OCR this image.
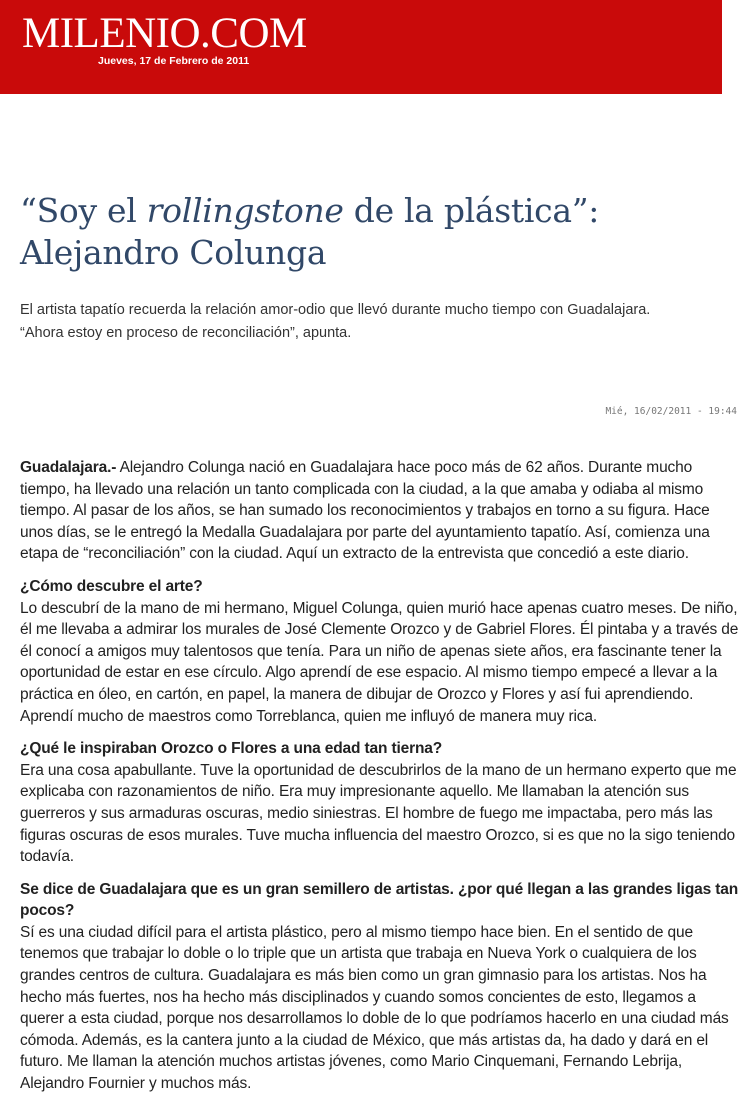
MILENIO.COM
Jueves, 17 de Febrero de 2011
“Soy el rollingstone de la plástica”: Alejandro Colunga

El artista tapatío recuerda la relación amor-odio que llevó durante mucho tiempo con Guadalajara.
“Ahora estoy en proceso de reconciliación”, apunta.

Mié, 16/02/2011 - 19:44

Guadalajara.- Alejandro Colunga nació en Guadalajara hace poco más de 62 años. Durante mucho tiempo, ha llevado una relación un tanto complicada con la ciudad, a la que amaba y odiaba al mismo tiempo. Al pasar de los años, se han sumado los reconocimientos y trabajos en torno a su figura. Hace unos días, se le entregó la Medalla Guadalajara por parte del ayuntamiento tapatío. Así, comienza una etapa de “reconciliación” con la ciudad. Aquí un extracto de la entrevista que concedió a este diario.

¿Cómo descubre el arte?
Lo descubrí de la mano de mi hermano, Miguel Colunga, quien murió hace apenas cuatro meses. De niño, él me llevaba a admirar los murales de José Clemente Orozco y de Gabriel Flores. Él pintaba y a través de él conocí a amigos muy talentosos que tenía. Para un niño de apenas siete años, era fascinante tener la oportunidad de estar en ese círculo. Algo aprendí de ese espacio. Al mismo tiempo empecé a llevar a la práctica en óleo, en cartón, en papel, la manera de dibujar de Orozco y Flores y así fui aprendiendo. Aprendí mucho de maestros como Torreblanca, quien me influyó de manera muy rica.

¿Qué le inspiraban Orozco o Flores a una edad tan tierna?
Era una cosa apabullante. Tuve la oportunidad de descubrirlos de la mano de un hermano experto que me explicaba con razonamientos de niño. Era muy impresionante aquello. Me llamaban la atención sus guerreros y sus armaduras oscuras, medio siniestras. El hombre de fuego me impactaba, pero más las figuras oscuras de esos murales. Tuve mucha influencia del maestro Orozco, si es que no la sigo teniendo todavía.

Se dice de Guadalajara que es un gran semillero de artistas. ¿por qué llegan a las grandes ligas tan pocos?
Sí es una ciudad difícil para el artista plástico, pero al mismo tiempo hace bien. En el sentido de que tenemos que trabajar lo doble o lo triple que un artista que trabaja en Nueva York o cualquiera de los grandes centros de cultura. Guadalajara es más bien como un gran gimnasio para los artistas. Nos ha hecho más fuertes, nos ha hecho más disciplinados y cuando somos concientes de esto, llegamos a querer a esta ciudad, porque nos desarrollamos lo doble de lo que podríamos hacerlo en una ciudad más cómoda. Además, es la cantera junto a la ciudad de México, que más artistas da, ha dado y dará en el futuro. Me llaman la atención muchos artistas jóvenes, como Mario Cinquemani, Fernando Lebrija, Alejandro Fournier y muchos más.
